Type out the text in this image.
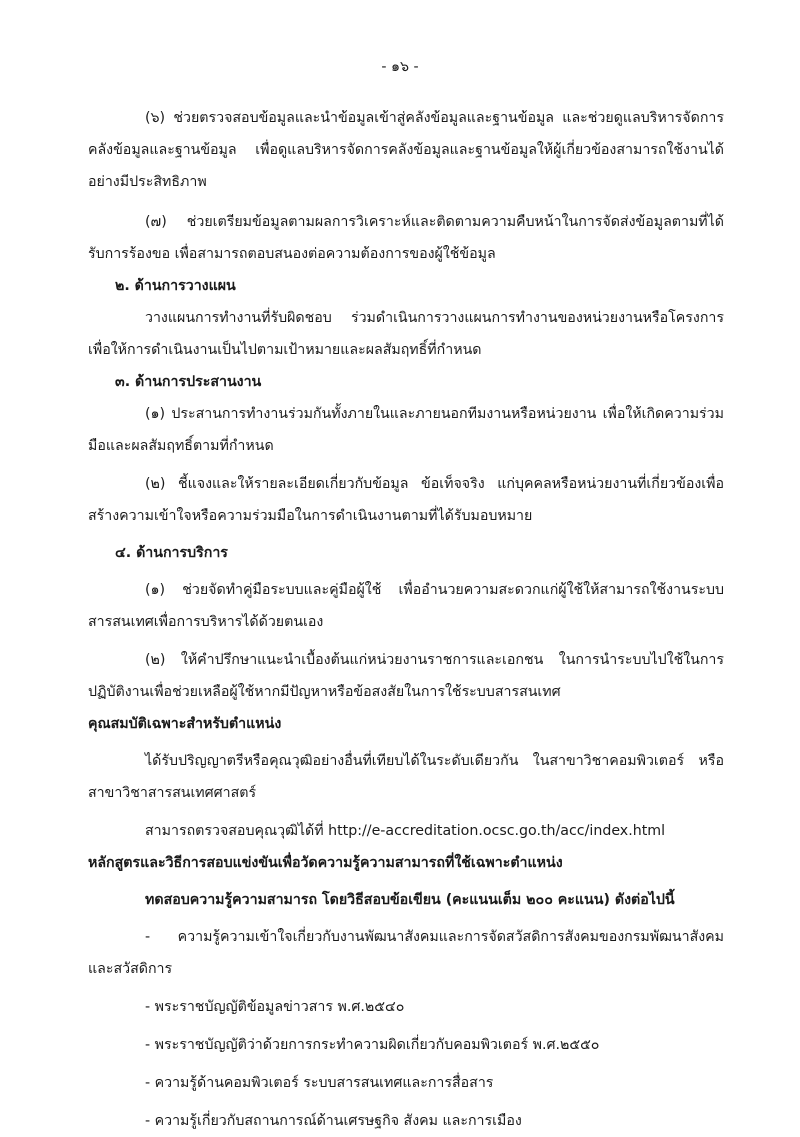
- ๑๖ -

(๖) ช่วยตรวจสอบข้อมูลและนำข้อมูลเข้าสู่คลังข้อมูลและฐานข้อมูล และช่วยดูแลบริหารจัดการคลังข้อมูลและฐานข้อมูล เพื่อดูแลบริหารจัดการคลังข้อมูลและฐานข้อมูลให้ผู้เกี่ยวข้องสามารถใช้งานได้อย่างมีประสิทธิภาพ

(๗) ช่วยเตรียมข้อมูลตามผลการวิเคราะห์และติดตามความคืบหน้าในการจัดส่งข้อมูลตามที่ได้รับการร้องขอ เพื่อสามารถตอบสนองต่อความต้องการของผู้ใช้ข้อมูล

๒. ด้านการวางแผน

วางแผนการทำงานที่รับผิดชอบ ร่วมดำเนินการวางแผนการทำงานของหน่วยงานหรือโครงการ เพื่อให้การดำเนินงานเป็นไปตามเป้าหมายและผลสัมฤทธิ์ที่กำหนด

๓. ด้านการประสานงาน

(๑) ประสานการทำงานร่วมกันทั้งภายในและภายนอกทีมงานหรือหน่วยงาน เพื่อให้เกิดความร่วมมือและผลสัมฤทธิ์ตามที่กำหนด

(๒) ชี้แจงและให้รายละเอียดเกี่ยวกับข้อมูล ข้อเท็จจริง แก่บุคคลหรือหน่วยงานที่เกี่ยวข้องเพื่อสร้างความเข้าใจหรือความร่วมมือในการดำเนินงานตามที่ได้รับมอบหมาย

๔. ด้านการบริการ

(๑) ช่วยจัดทำคู่มือระบบและคู่มือผู้ใช้ เพื่ออำนวยความสะดวกแก่ผู้ใช้ให้สามารถใช้งานระบบสารสนเทศเพื่อการบริหารได้ด้วยตนเอง

(๒) ให้คำปรึกษาแนะนำเบื้องต้นแก่หน่วยงานราชการและเอกชน ในการนำระบบไปใช้ในการปฏิบัติงานเพื่อช่วยเหลือผู้ใช้หากมีปัญหาหรือข้อสงสัยในการใช้ระบบสารสนเทศ

คุณสมบัติเฉพาะสำหรับตำแหน่ง

ได้รับปริญญาตรีหรือคุณวุฒิอย่างอื่นที่เทียบได้ในระดับเดียวกัน ในสาขาวิชาคอมพิวเตอร์ หรือสาขาวิชาสารสนเทศศาสตร์

สามารถตรวจสอบคุณวุฒิได้ที่ http://e-accreditation.ocsc.go.th/acc/index.html

หลักสูตรและวิธีการสอบแข่งขันเพื่อวัดความรู้ความสามารถที่ใช้เฉพาะตำแหน่ง

ทดสอบความรู้ความสามารถ โดยวิธีสอบข้อเขียน (คะแนนเต็ม ๒๐๐ คะแนน) ดังต่อไปนี้

- ความรู้ความเข้าใจเกี่ยวกับงานพัฒนาสังคมและการจัดสวัสดิการสังคมของกรมพัฒนาสังคมและสวัสดิการ

- พระราชบัญญัติข้อมูลข่าวสาร พ.ศ.๒๕๔๐

- พระราชบัญญัติว่าด้วยการกระทำความผิดเกี่ยวกับคอมพิวเตอร์ พ.ศ.๒๕๕๐

- ความรู้ด้านคอมพิวเตอร์ ระบบสารสนเทศและการสื่อสาร

- ความรู้เกี่ยวกับสถานการณ์ด้านเศรษฐกิจ สังคม และการเมือง
